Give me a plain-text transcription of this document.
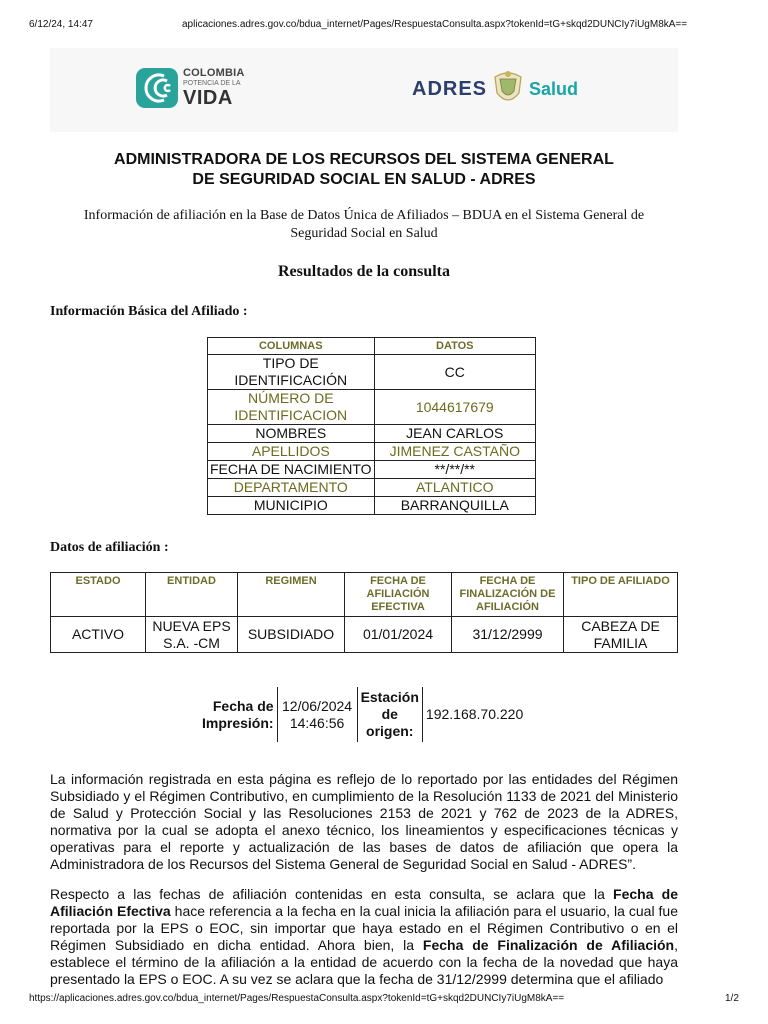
6/12/24, 14:47	aplicaciones.adres.gov.co/bdua_internet/Pages/RespuestaConsulta.aspx?tokenId=tG+skqd2DUNCIy7iUgM8kA==
COLOMBIA
POTENCIA DE LA
VIDA	ADRES Salud
ADMINISTRADORA DE LOS RECURSOS DEL SISTEMA GENERAL
DE SEGURIDAD SOCIAL EN SALUD - ADRES
Información de afiliación en la Base de Datos Única de Afiliados – BDUA en el Sistema General de
Seguridad Social en Salud
Resultados de la consulta
Información Básica del Afiliado :
COLUMNAS	DATOS
TIPO DE IDENTIFICACIÓN	CC
NÚMERO DE IDENTIFICACION	1044617679
NOMBRES	JEAN CARLOS
APELLIDOS	JIMENEZ CASTAÑO
FECHA DE NACIMIENTO	**/**/**
DEPARTAMENTO	ATLANTICO
MUNICIPIO	BARRANQUILLA
Datos de afiliación :
ESTADO	ENTIDAD	REGIMEN	FECHA DE AFILIACIÓN EFECTIVA	FECHA DE FINALIZACIÓN DE AFILIACIÓN	TIPO DE AFILIADO
ACTIVO	NUEVA EPS S.A. -CM	SUBSIDIADO	01/01/2024	31/12/2999	CABEZA DE FAMILIA
Fecha de Impresión:	12/06/2024 14:46:56	Estación de origen:	192.168.70.220
La información registrada en esta página es reflejo de lo reportado por las entidades del Régimen Subsidiado y el Régimen Contributivo, en cumplimiento de la Resolución 1133 de 2021 del Ministerio de Salud y Protección Social y las Resoluciones 2153 de 2021 y 762 de 2023 de la ADRES, normativa por la cual se adopta el anexo técnico, los lineamientos y especificaciones técnicas y operativas para el reporte y actualización de las bases de datos de afiliación que opera la Administradora de los Recursos del Sistema General de Seguridad Social en Salud - ADRES”.
Respecto a las fechas de afiliación contenidas en esta consulta, se aclara que la Fecha de Afiliación Efectiva hace referencia a la fecha en la cual inicia la afiliación para el usuario, la cual fue reportada por la EPS o EOC, sin importar que haya estado en el Régimen Contributivo o en el Régimen Subsidiado en dicha entidad. Ahora bien, la Fecha de Finalización de Afiliación, establece el término de la afiliación a la entidad de acuerdo con la fecha de la novedad que haya presentado la EPS o EOC. A su vez se aclara que la fecha de 31/12/2999 determina que el afiliado
https://aplicaciones.adres.gov.co/bdua_internet/Pages/RespuestaConsulta.aspx?tokenId=tG+skqd2DUNCIy7iUgM8kA==	1/2
